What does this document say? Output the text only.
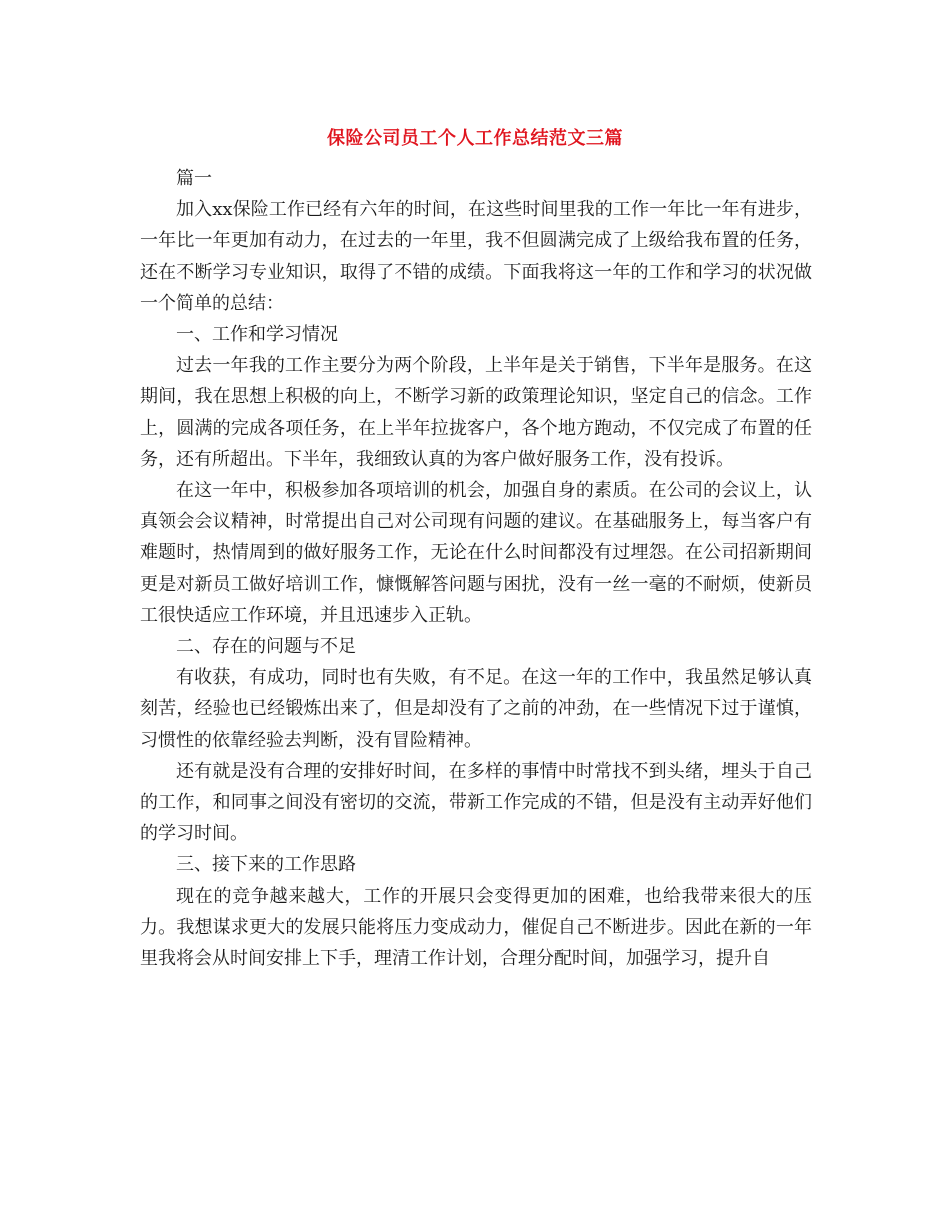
保险公司员工个人工作总结范文三篇

篇一

加入xx保险工作已经有六年的时间，在这些时间里我的工作一年比一年有进步，一年比一年更加有动力，在过去的一年里，我不但圆满完成了上级给我布置的任务，还在不断学习专业知识，取得了不错的成绩。下面我将这一年的工作和学习的状况做一个简单的总结：

一、工作和学习情况

过去一年我的工作主要分为两个阶段，上半年是关于销售，下半年是服务。在这期间，我在思想上积极的向上，不断学习新的政策理论知识，坚定自己的信念。工作上，圆满的完成各项任务，在上半年拉拢客户，各个地方跑动，不仅完成了布置的任务，还有所超出。下半年，我细致认真的为客户做好服务工作，没有投诉。

在这一年中，积极参加各项培训的机会，加强自身的素质。在公司的会议上，认真领会会议精神，时常提出自己对公司现有问题的建议。在基础服务上，每当客户有难题时，热情周到的做好服务工作，无论在什么时间都没有过埋怨。在公司招新期间更是对新员工做好培训工作，慷慨解答问题与困扰，没有一丝一毫的不耐烦，使新员工很快适应工作环境，并且迅速步入正轨。

二、存在的问题与不足

有收获，有成功，同时也有失败，有不足。在这一年的工作中，我虽然足够认真刻苦，经验也已经锻炼出来了，但是却没有了之前的冲劲，在一些情况下过于谨慎，习惯性的依靠经验去判断，没有冒险精神。

还有就是没有合理的安排好时间，在多样的事情中时常找不到头绪，埋头于自己的工作，和同事之间没有密切的交流，带新工作完成的不错，但是没有主动弄好他们的学习时间。

三、接下来的工作思路

现在的竞争越来越大，工作的开展只会变得更加的困难，也给我带来很大的压力。我想谋求更大的发展只能将压力变成动力，催促自己不断进步。因此在新的一年里我将会从时间安排上下手，理清工作计划，合理分配时间，加强学习，提升自
